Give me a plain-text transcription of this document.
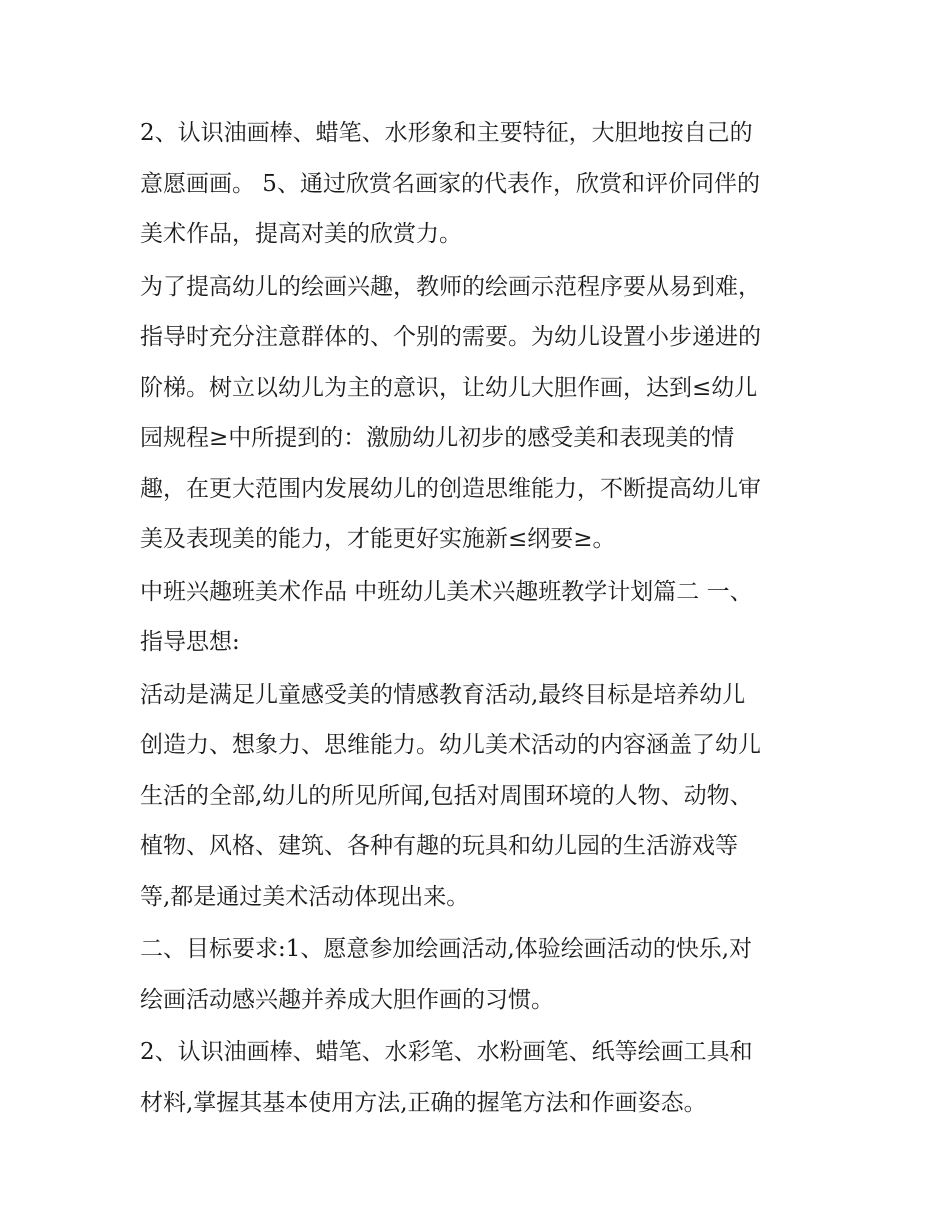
2、认识油画棒、蜡笔、水形象和主要特征，大胆地按自己的
意愿画画。 5、通过欣赏名画家的代表作，欣赏和评价同伴的
美术作品，提高对美的欣赏力。
为了提高幼儿的绘画兴趣，教师的绘画示范程序要从易到难，
指导时充分注意群体的、个别的需要。为幼儿设置小步递进的
阶梯。树立以幼儿为主的意识，让幼儿大胆作画，达到≤幼儿
园规程≥中所提到的：激励幼儿初步的感受美和表现美的情
趣，在更大范围内发展幼儿的创造思维能力，不断提高幼儿审
美及表现美的能力，才能更好实施新≤纲要≥。
中班兴趣班美术作品 中班幼儿美术兴趣班教学计划篇二 一、
指导思想:
活动是满足儿童感受美的情感教育活动,最终目标是培养幼儿
创造力、想象力、思维能力。幼儿美术活动的内容涵盖了幼儿
生活的全部,幼儿的所见所闻,包括对周围环境的人物、动物、
植物、风格、建筑、各种有趣的玩具和幼儿园的生活游戏等
等,都是通过美术活动体现出来。
二、目标要求:1、愿意参加绘画活动,体验绘画活动的快乐,对
绘画活动感兴趣并养成大胆作画的习惯。
2、认识油画棒、蜡笔、水彩笔、水粉画笔、纸等绘画工具和
材料,掌握其基本使用方法,正确的握笔方法和作画姿态。
